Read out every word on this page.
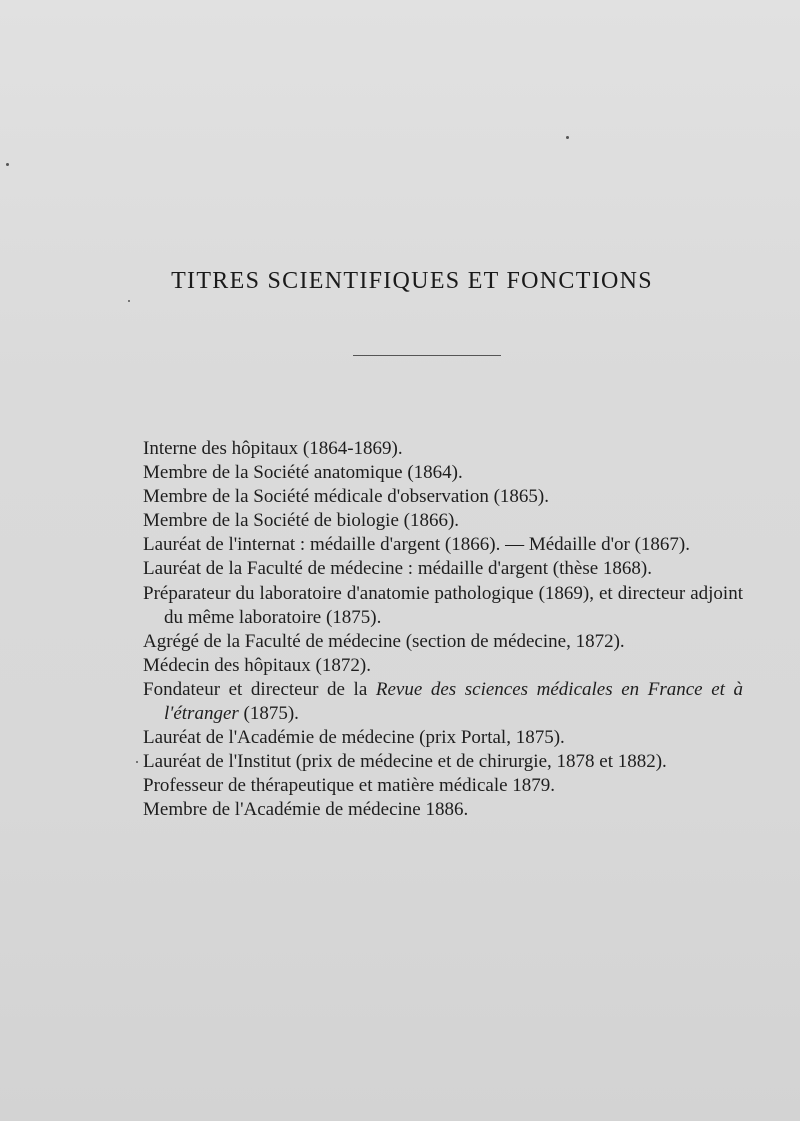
TITRES SCIENTIFIQUES ET FONCTIONS
Interne des hôpitaux (1864-1869).
Membre de la Société anatomique (1864).
Membre de la Société médicale d'observation (1865).
Membre de la Société de biologie (1866).
Lauréat de l'internat : médaille d'argent (1866). — Médaille d'or (1867).
Lauréat de la Faculté de médecine : médaille d'argent (thèse 1868).
Préparateur du laboratoire d'anatomie pathologique (1869), et directeur adjoint du même laboratoire (1875).
Agrégé de la Faculté de médecine (section de médecine, 1872).
Médecin des hôpitaux (1872).
Fondateur et directeur de la Revue des sciences médicales en France et à l'étranger (1875).
Lauréat de l'Académie de médecine (prix Portal, 1875).
Lauréat de l'Institut (prix de médecine et de chirurgie, 1878 et 1882).
Professeur de thérapeutique et matière médicale 1879.
Membre de l'Académie de médecine 1886.
